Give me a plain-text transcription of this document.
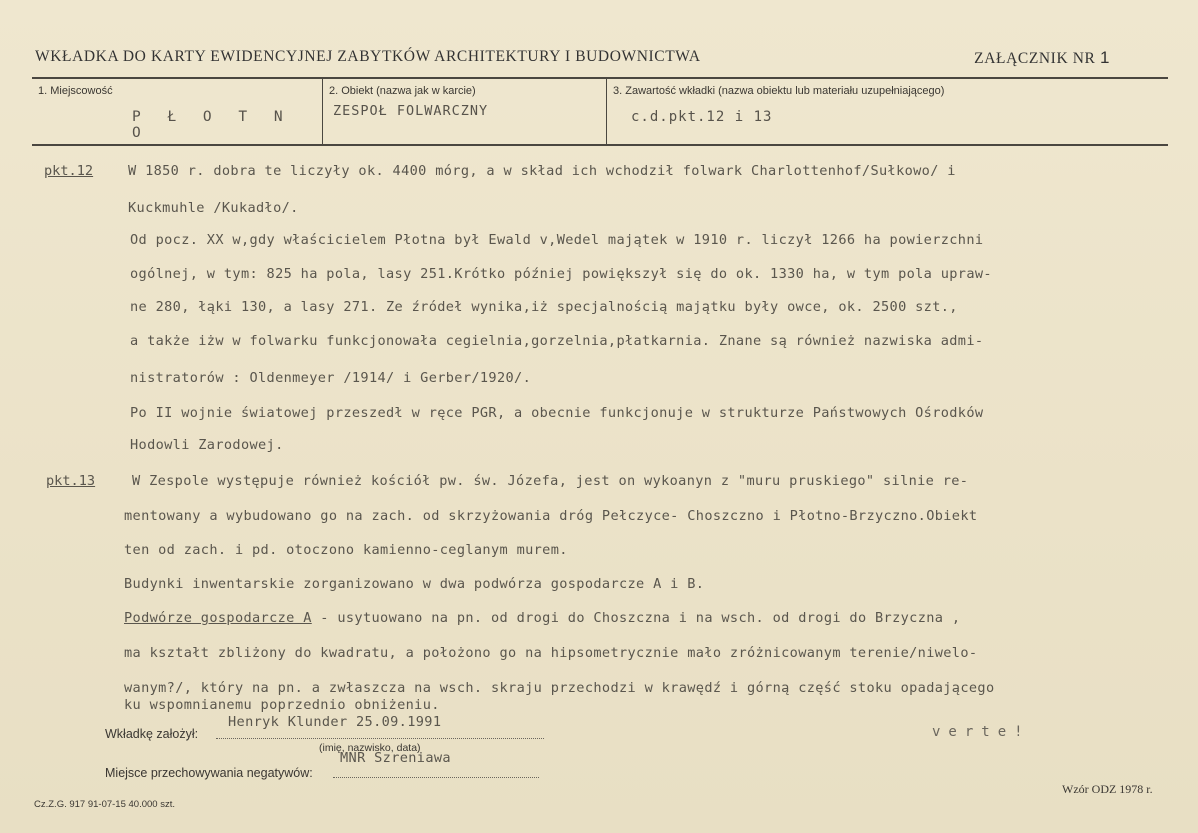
WKŁADKA DO KARTY EWIDENCYJNEJ ZABYTKÓW ARCHITEKTURY I BUDOWNICTWA	ZAŁĄCZNIK NR 1
1. Miejscowość
P Ł O T N O
2. Obiekt (nazwa jak w karcie)
ZESPOŁ FOLWARCZNY
3. Zawartość wkładki (nazwa obiektu lub materiału uzupełniającego)
c.d.pkt.12 i 13
pkt.12	W 1850 r. dobra te liczyły ok. 4400 mórg, a w skład ich wchodził folwark Charlottenhof/Sułkowo/ i
Kuckmuhle /Kukadło/.
Od pocz. XX w,gdy właścicielem Płotna był Ewald v,Wedel majątek w 1910 r. liczył 1266 ha powierzchni
ogólnej, w tym: 825 ha pola, lasy 251.Krótko później powiększył się do ok. 1330 ha, w tym pola upraw-
ne 280, łąki 130, a lasy 271. Ze źródeł wynika,iż specjalnością majątku były owce, ok. 2500 szt.,
a także iżw w folwarku funkcjonowała cegielnia,gorzelnia,płatkarnia. Znane są również nazwiska admi-
nistratorów : Oldenmeyer /1914/ i Gerber/1920/.
Po II wojnie światowej przeszedł w ręce PGR, a obecnie funkcjonuje w strukturze Państwowych Ośrodków
Hodowli Zarodowej.
pkt.13	W Zespole występuje również kościół pw. św. Józefa, jest on wykoanyn z "muru pruskiego" silnie re-
mentowany a wybudowano go na zach. od skrzyżowania dróg Pełczyce- Choszczno i Płotno-Brzyczno.Obiekt
ten od zach. i pd. otoczono kamienno-ceglanym murem.
Budynki inwentarskie zorganizowano w dwa podwórza gospodarcze A i B.
Podwórze gospodarcze A - usytuowano na pn. od drogi do Choszczna i na wsch. od drogi do Brzyczna ,
ma kształt zbliżony do kwadratu, a położono go na hipsometrycznie mało zróżnicowanym terenie/niwelo-
wanym?/, który na pn. a zwłaszcza na wsch. skraju przechodzi w krawędź i górną część stoku opadającego
ku wspomnianemu poprzednio obniżeniu.
Wkładkę założył:
Henryk Klunder 25.09.1991
(imię, nazwisko, data)
verte!
Miejsce przechowywania negatywów:
MNR Szreniawa
Wzór ODZ 1978 r.
Cz.Z.G. 917 91-07-15 40.000 szt.
